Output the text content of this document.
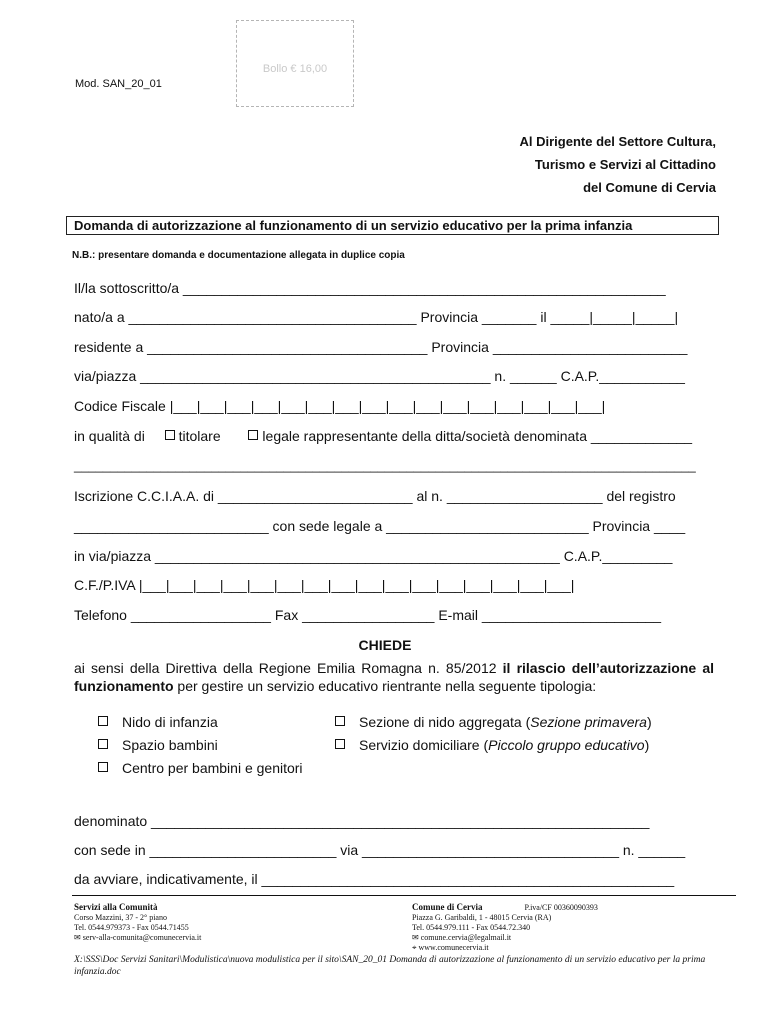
Bollo € 16,00
Mod. SAN_20_01
Al Dirigente del Settore Cultura,
Turismo e Servizi al Cittadino
del Comune di Cervia
Domanda di autorizzazione al funzionamento di un servizio educativo per la prima infanzia
N.B.: presentare domanda e documentazione allegata in duplice copia
Il/la sottoscritto/a ______________________________________________________________
nato/a a _____________________________________ Provincia _______ il _____|_____|_____|
residente a ____________________________________ Provincia _________________________
via/piazza _____________________________________________ n. ______ C.A.P.___________
Codice Fiscale |___|___|___|___|___|___|___|___|___|___|___|___|___|___|___|___|
in qualità di titolare	legale rappresentante della ditta/società denominata _____________
______________________________________________________________________________________
Iscrizione C.C.I.A.A. di _________________________ al n. ____________________ del registro
_________________________ con sede legale a __________________________ Provincia ____
in via/piazza ____________________________________________________ C.A.P._________
C.F./P.IVA |___|___|___|___|___|___|___|___|___|___|___|___|___|___|___|___|
Telefono __________________ Fax _________________ E-mail _______________________
CHIEDE
ai sensi della Direttiva della Regione Emilia Romagna n. 85/2012 il rilascio dell’autorizzazione al funzionamento per gestire un servizio educativo rientrante nella seguente tipologia:
Nido di infanzia	Sezione di nido aggregata (Sezione primavera)
Spazio bambini	Servizio domiciliare (Piccolo gruppo educativo)
Centro per bambini e genitori
denominato ________________________________________________________________
con sede in ________________________ via _________________________________ n. ______
da avviare, indicativamente, il _____________________________________________________
Servizi alla Comunità
Corso Mazzini, 37 - 2° piano
Tel. 0544.979373 - Fax 0544.71455
✉ serv-alla-comunita@comunecervia.it
Comune di Cervia	P.iva/CF 00360090393
Piazza G. Garibaldi, 1 - 48015 Cervia (RA)
Tel. 0544.979.111 - Fax 0544.72.340
✉ comune.cervia@legalmail.it
⌖ www.comunecervia.it
X:\SSS\Doc Servizi Sanitari\Modulistica\nuova modulistica per il sito\SAN_20_01 Domanda di autorizzazione al funzionamento di un servizio educativo per la prima infanzia.doc
